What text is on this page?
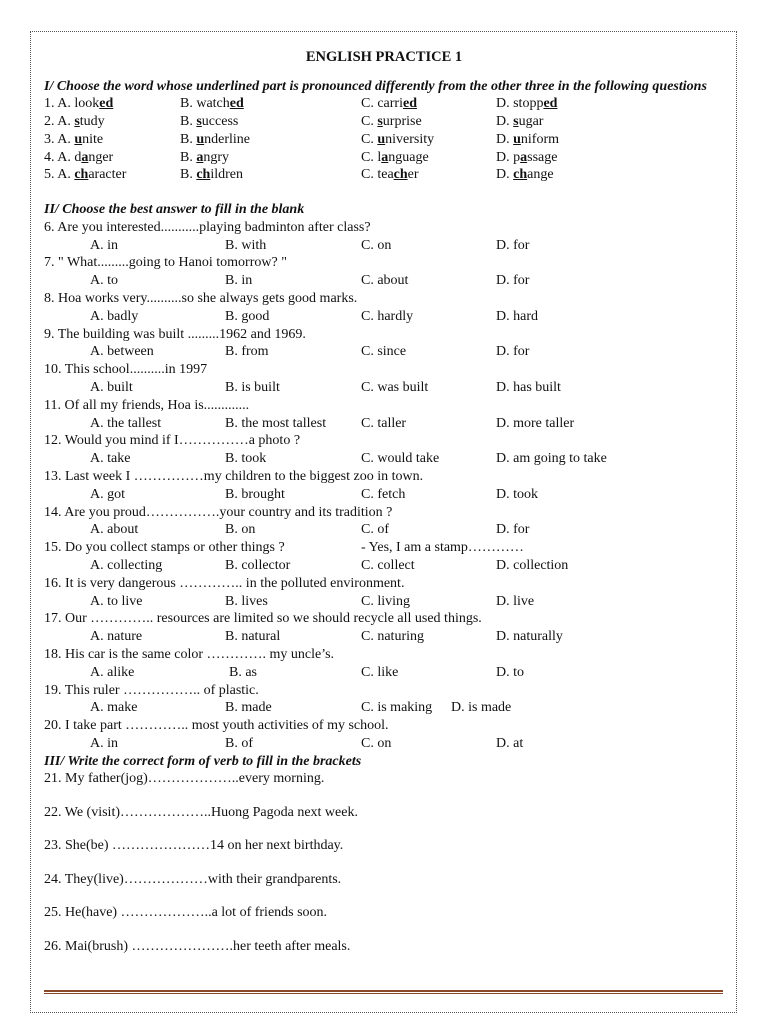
ENGLISH PRACTICE 1
I/ Choose the word whose underlined part is pronounced differently from the other three in the following questions
1. A. looked	B. watched	C. carried	D. stopped
2. A. study	B. success	C. surprise	D. sugar
3. A. unite	B. underline	C. university	D. uniform
4. A. danger	B. angry	C. language	D. passage
5. A. character	B. children	C. teacher	D. change
II/ Choose the best answer to fill in the blank
6. Are you interested...........playing badminton after class?
A. in	B. with	C. on	D. for
7. " What.........going to Hanoi tomorrow? "
A. to	B. in	C. about	D. for
8. Hoa works very..........so she always gets good marks.
A. badly	B. good	C. hardly	D. hard
9. The building was built .........1962 and 1969.
A. between	B. from	C. since	D. for
10. This school..........in 1997
A. built	B. is built	C. was built	D. has built
11. Of all my friends, Hoa is.............
A. the tallest	B. the most tallest C. taller	D. more taller
12. Would you mind if I……………a photo ?
A. take	B. took	C. would take	D. am going to take
13. Last week I ……………my children to the biggest zoo in town.
A. got	B. brought	C. fetch	D. took
14. Are you proud…………….your country and its tradition ?
A. about	B. on	C. of	D. for
15. Do you collect stamps or other things ?	- Yes, I am a stamp…………
A. collecting	B. collector	C. collect	D. collection
16. It is very dangerous ………….. in the polluted environment.
A. to live	B. lives	C. living	D. live
17. Our ………….. resources are limited so we should recycle all used things.
A. nature	B. natural	C. naturing	D. naturally
18. His car is the same color …………. my uncle’s.
A. alike	B. as	C. like	D. to
19. This ruler …………….. of plastic.
A. make	B. made	C. is making D. is made
20. I take part ………….. most youth activities of my school.
A. in	B. of	C. on	D. at
III/ Write the correct form of verb to fill in the brackets
21. My father(jog)………………..every morning.
22. We (visit)………………..Huong Pagoda next week.
23. She(be) …………………14 on her next birthday.
24. They(live)………………with their grandparents.
25. He(have) ………………..a lot of friends soon.
26. Mai(brush) ………………….her teeth after meals.
